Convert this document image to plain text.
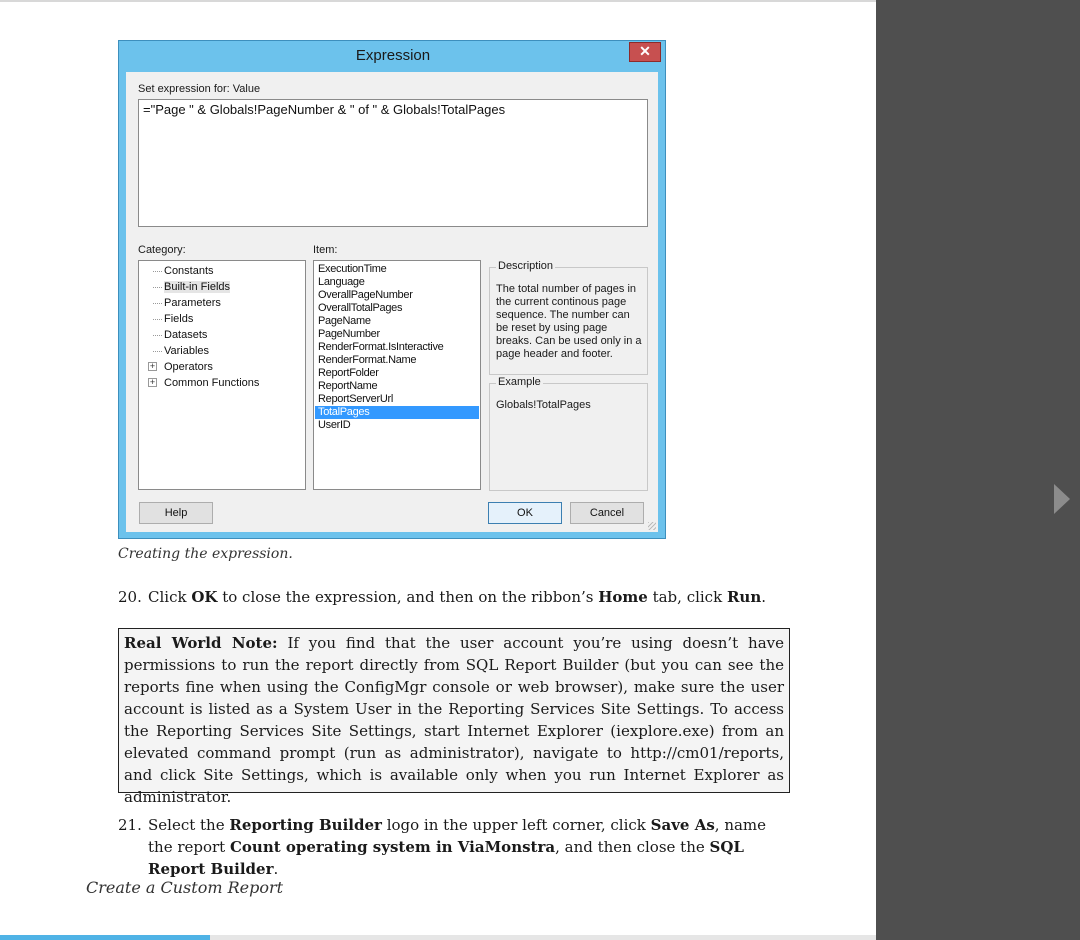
Expression	✕
Set expression for: Value
="Page " & Globals!PageNumber & " of " & Globals!TotalPages
Category:	Item:
Constants
Built-in Fields
Parameters
Fields
Datasets
Variables
+ Operators
+ Common Functions
ExecutionTime
Language
OverallPageNumber
OverallTotalPages
PageName
PageNumber
RenderFormat.IsInteractive
RenderFormat.Name
ReportFolder
ReportName
ReportServerUrl
TotalPages
UserID
Description
The total number of pages in the current continous page sequence. The number can be reset by using page breaks. Can be used only in a page header and footer.
Example
Globals!TotalPages
Help	OK	Cancel
Creating the expression.
20. Click OK to close the expression, and then on the ribbon’s Home tab, click Run.
Real World Note: If you find that the user account you’re using doesn’t have permissions to run the report directly from SQL Report Builder (but you can see the reports fine when using the ConfigMgr console or web browser), make sure the user account is listed as a System User in the Reporting Services Site Settings. To access the Reporting Services Site Settings, start Internet Explorer (iexplore.exe) from an elevated command prompt (run as administrator), navigate to http://cm01/reports, and click Site Settings, which is available only when you run Internet Explorer as administrator.
21. Select the Reporting Builder logo in the upper left corner, click Save As, name the report Count operating system in ViaMonstra, and then close the SQL Report Builder.
Create a Custom Report
